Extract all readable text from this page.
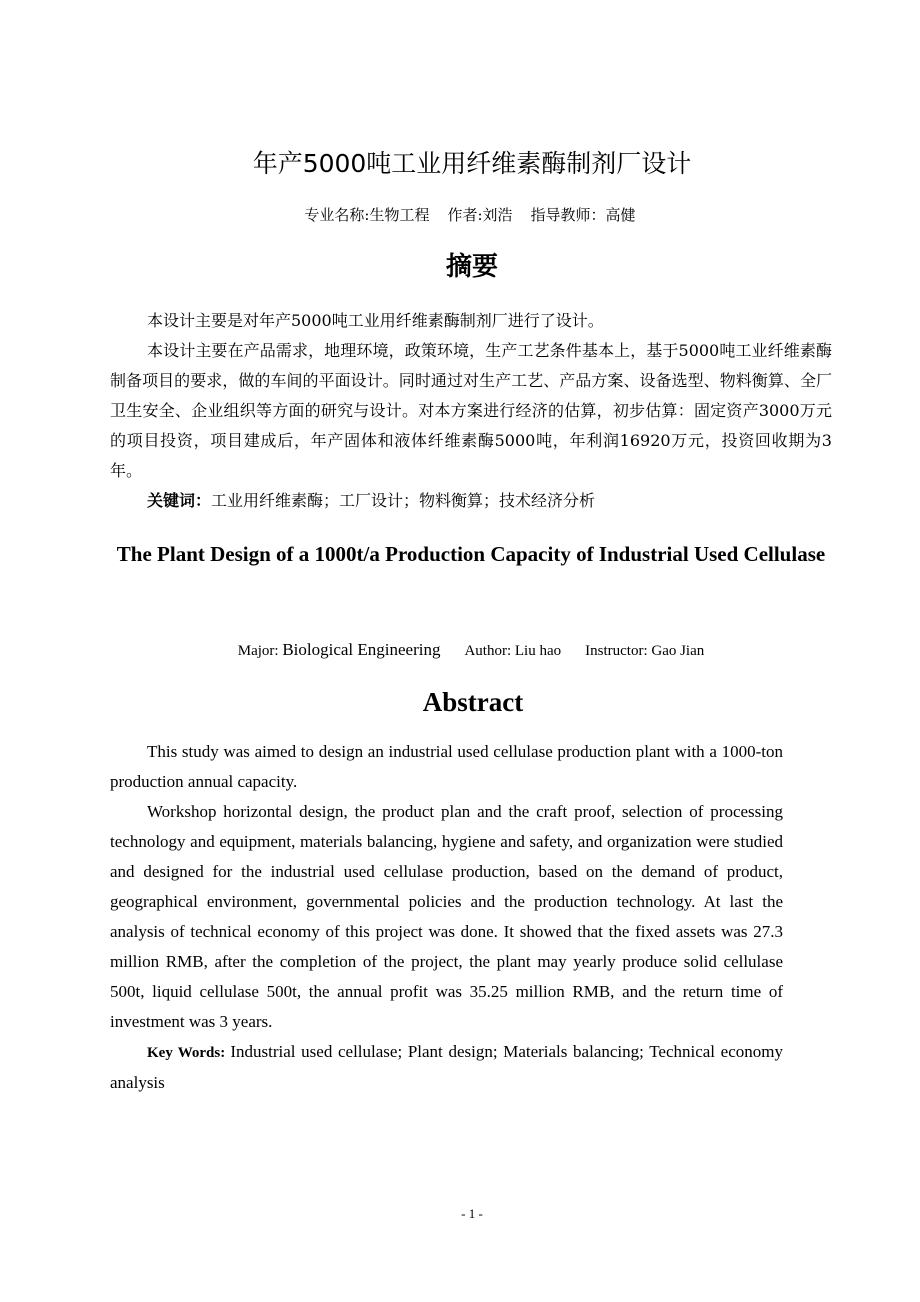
年产5000吨工业用纤维素酶制剂厂设计
专业名称:生物工程 作者:刘浩 指导教师：高健
摘要

本设计主要是对年产5000吨工业用纤维素酶制剂厂进行了设计。

本设计主要在产品需求，地理环境，政策环境，生产工艺条件基本上，基于5000吨工业纤维素酶制备项目的要求，做的车间的平面设计。同时通过对生产工艺、产品方案、设备选型、物料衡算、全厂卫生安全、企业组织等方面的研究与设计。对本方案进行经济的估算，初步估算：固定资产3000万元的项目投资，项目建成后，年产固体和液体纤维素酶5000吨，年利润16920万元，投资回收期为3年。

关键词：工业用纤维素酶；工厂设计；物料衡算；技术经济分析

The Plant Design of a 1000t/a Production Capacity of Industrial Used Cellulase
Major: Biological Engineering Author: Liu hao Instructor: Gao Jian
Abstract

This study was aimed to design an industrial used cellulase production plant with a 1000-ton production annual capacity.

Workshop horizontal design, the product plan and the craft proof, selection of processing technology and equipment, materials balancing, hygiene and safety, and organization were studied and designed for the industrial used cellulase production, based on the demand of product, geographical environment, governmental policies and the production technology. At last the analysis of technical economy of this project was done. It showed that the fixed assets was 27.3 million RMB, after the completion of the project, the plant may yearly produce solid cellulase 500t, liquid cellulase 500t, the annual profit was 35.25 million RMB, and the return time of investment was 3 years.

Key Words: Industrial used cellulase; Plant design; Materials balancing; Technical economy analysis

- 1 -
